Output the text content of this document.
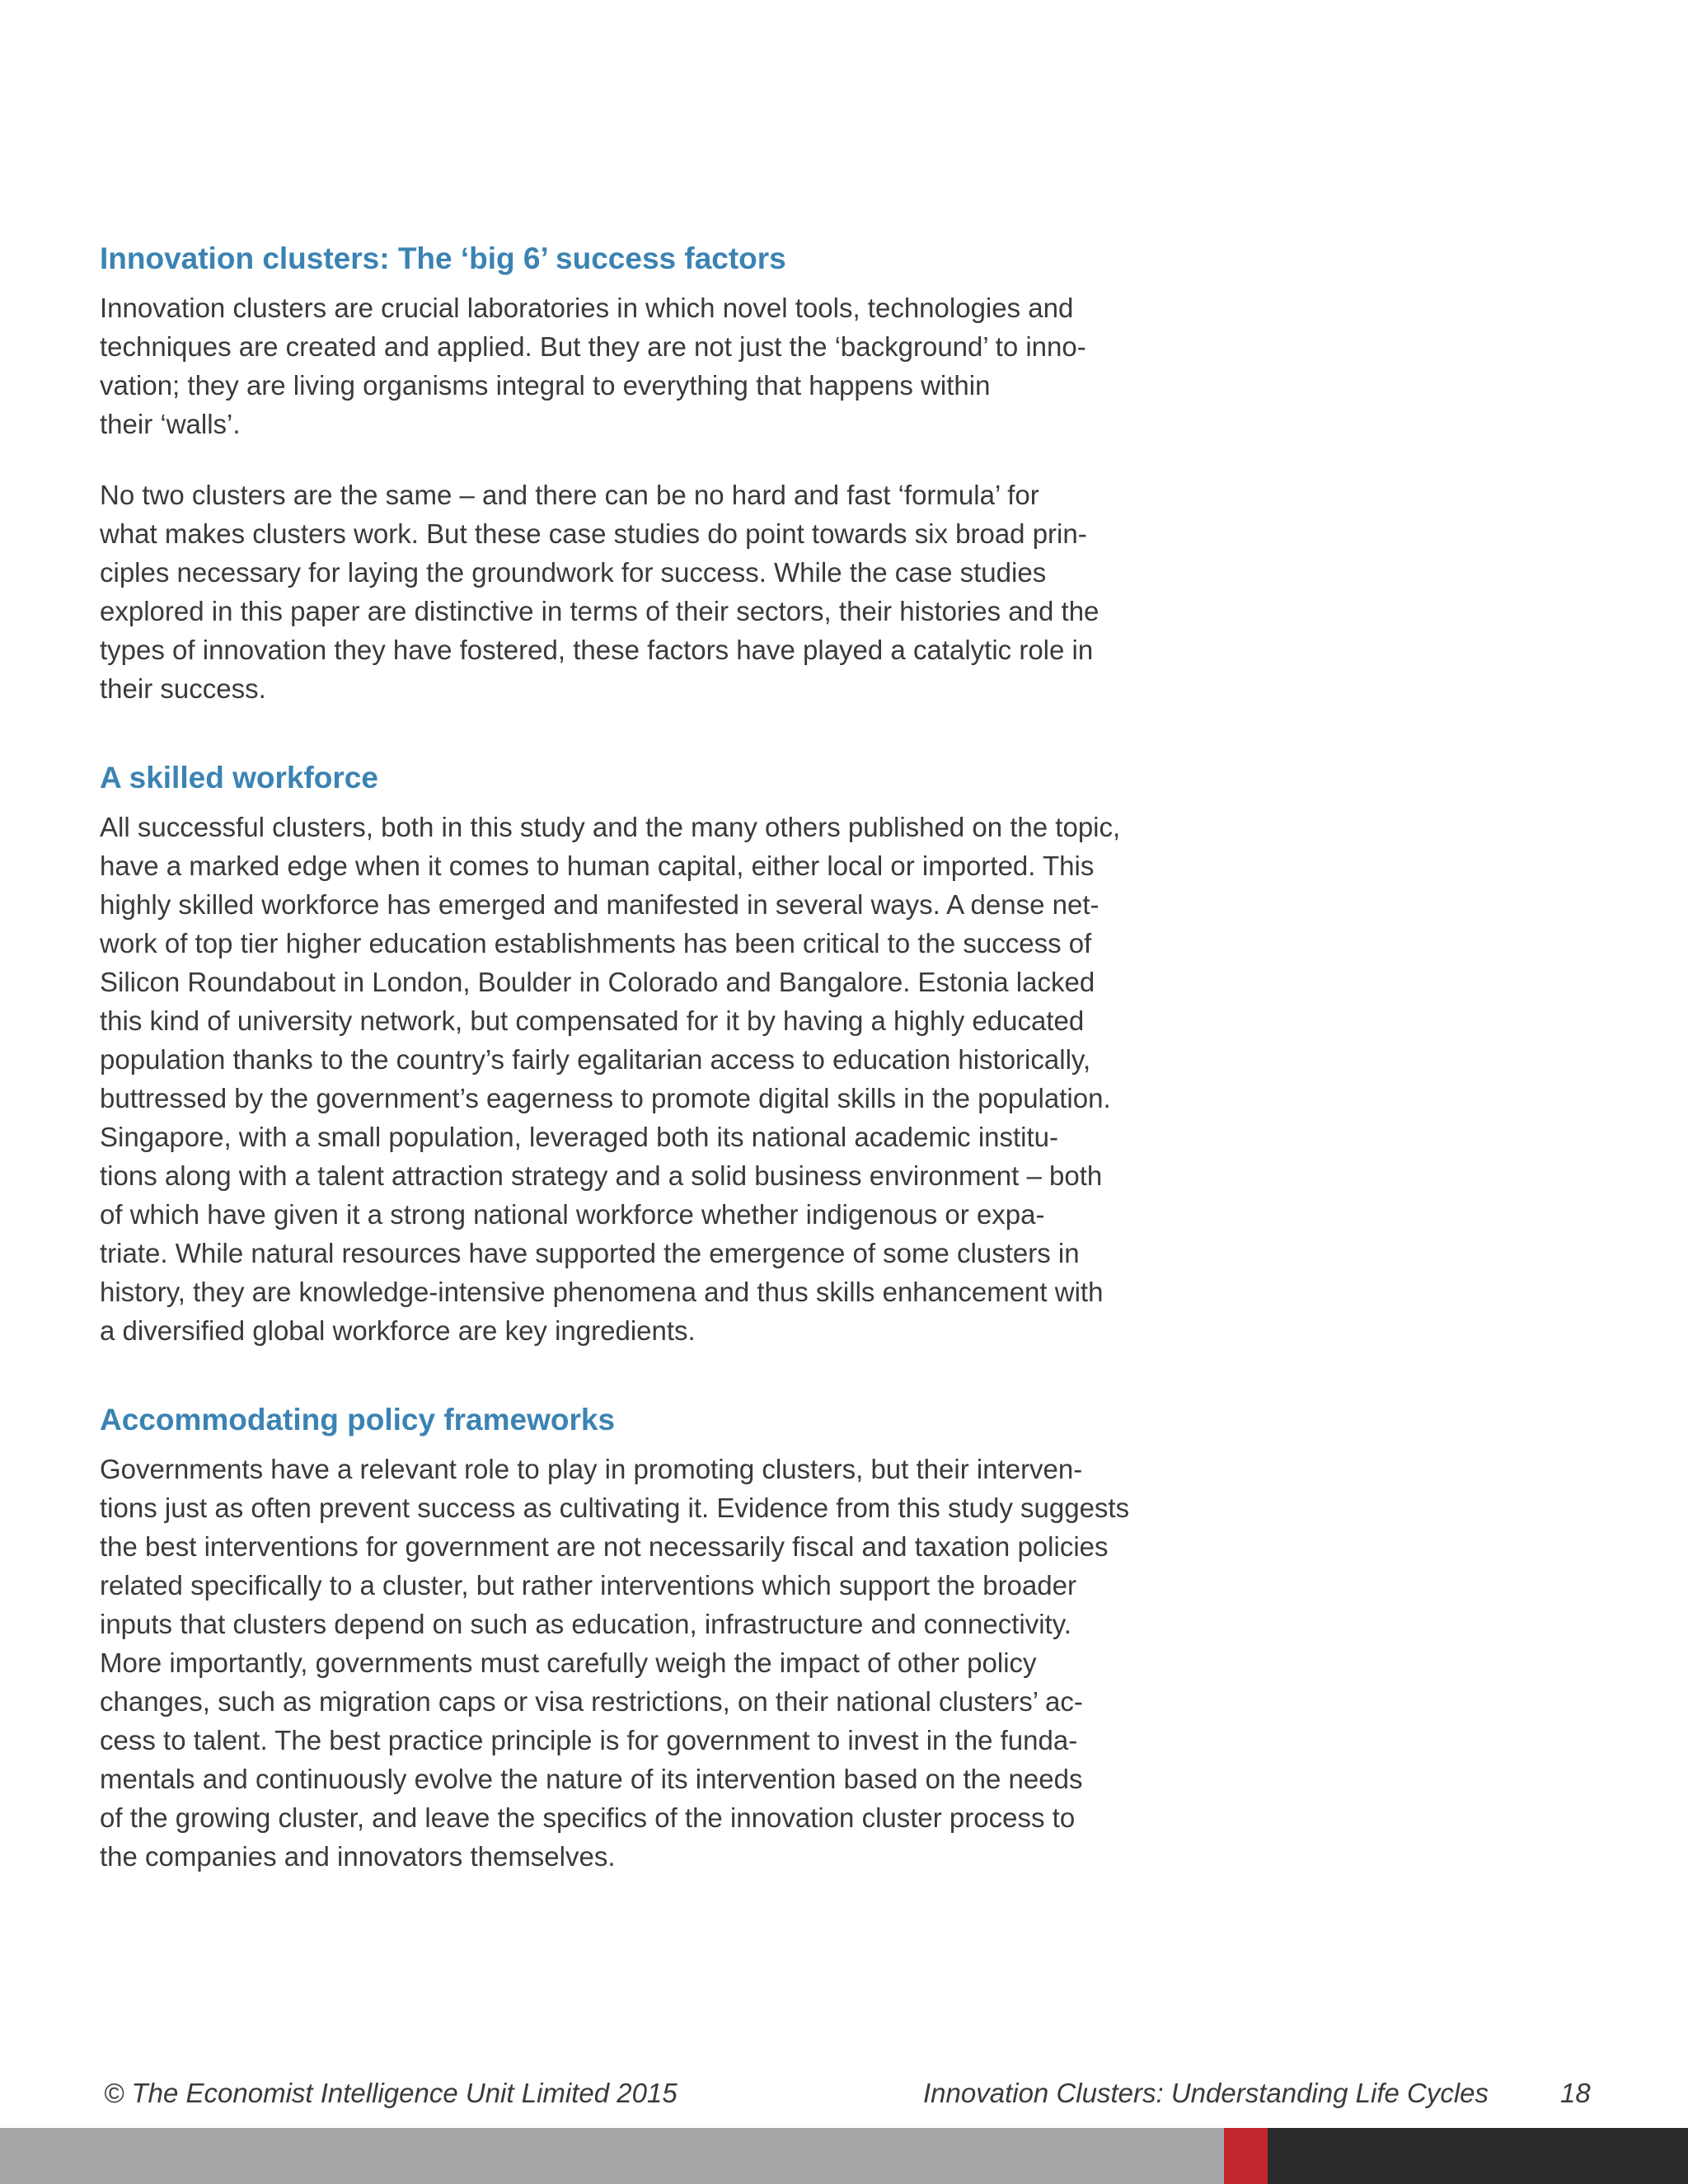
Innovation clusters: The ‘big 6’ success factors

Innovation clusters are crucial laboratories in which novel tools, technologies and
techniques are created and applied. But they are not just the ‘background’ to inno-
vation; they are living organisms integral to everything that happens within
their ‘walls’.

No two clusters are the same – and there can be no hard and fast ‘formula’ for
what makes clusters work. But these case studies do point towards six broad prin-
ciples necessary for laying the groundwork for success. While the case studies
explored in this paper are distinctive in terms of their sectors, their histories and the
types of innovation they have fostered, these factors have played a catalytic role in
their success.

A skilled workforce

All successful clusters, both in this study and the many others published on the topic,
have a marked edge when it comes to human capital, either local or imported. This
highly skilled workforce has emerged and manifested in several ways. A dense net-
work of top tier higher education establishments has been critical to the success of
Silicon Roundabout in London, Boulder in Colorado and Bangalore. Estonia lacked
this kind of university network, but compensated for it by having a highly educated
population thanks to the country’s fairly egalitarian access to education historically,
buttressed by the government’s eagerness to promote digital skills in the population.
Singapore, with a small population, leveraged both its national academic institu-
tions along with a talent attraction strategy and a solid business environment – both
of which have given it a strong national workforce whether indigenous or expa-
triate. While natural resources have supported the emergence of some clusters in
history, they are knowledge-intensive phenomena and thus skills enhancement with
a diversified global workforce are key ingredients.

Accommodating policy frameworks

Governments have a relevant role to play in promoting clusters, but their interven-
tions just as often prevent success as cultivating it. Evidence from this study suggests
the best interventions for government are not necessarily fiscal and taxation policies
related specifically to a cluster, but rather interventions which support the broader
inputs that clusters depend on such as education, infrastructure and connectivity.
More importantly, governments must carefully weigh the impact of other policy
changes, such as migration caps or visa restrictions, on their national clusters’ ac-
cess to talent. The best practice principle is for government to invest in the funda-
mentals and continuously evolve the nature of its intervention based on the needs
of the growing cluster, and leave the specifics of the innovation cluster process to
the companies and innovators themselves.

© The Economist Intelligence Unit Limited 2015	Innovation Clusters: Understanding Life Cycles	18
